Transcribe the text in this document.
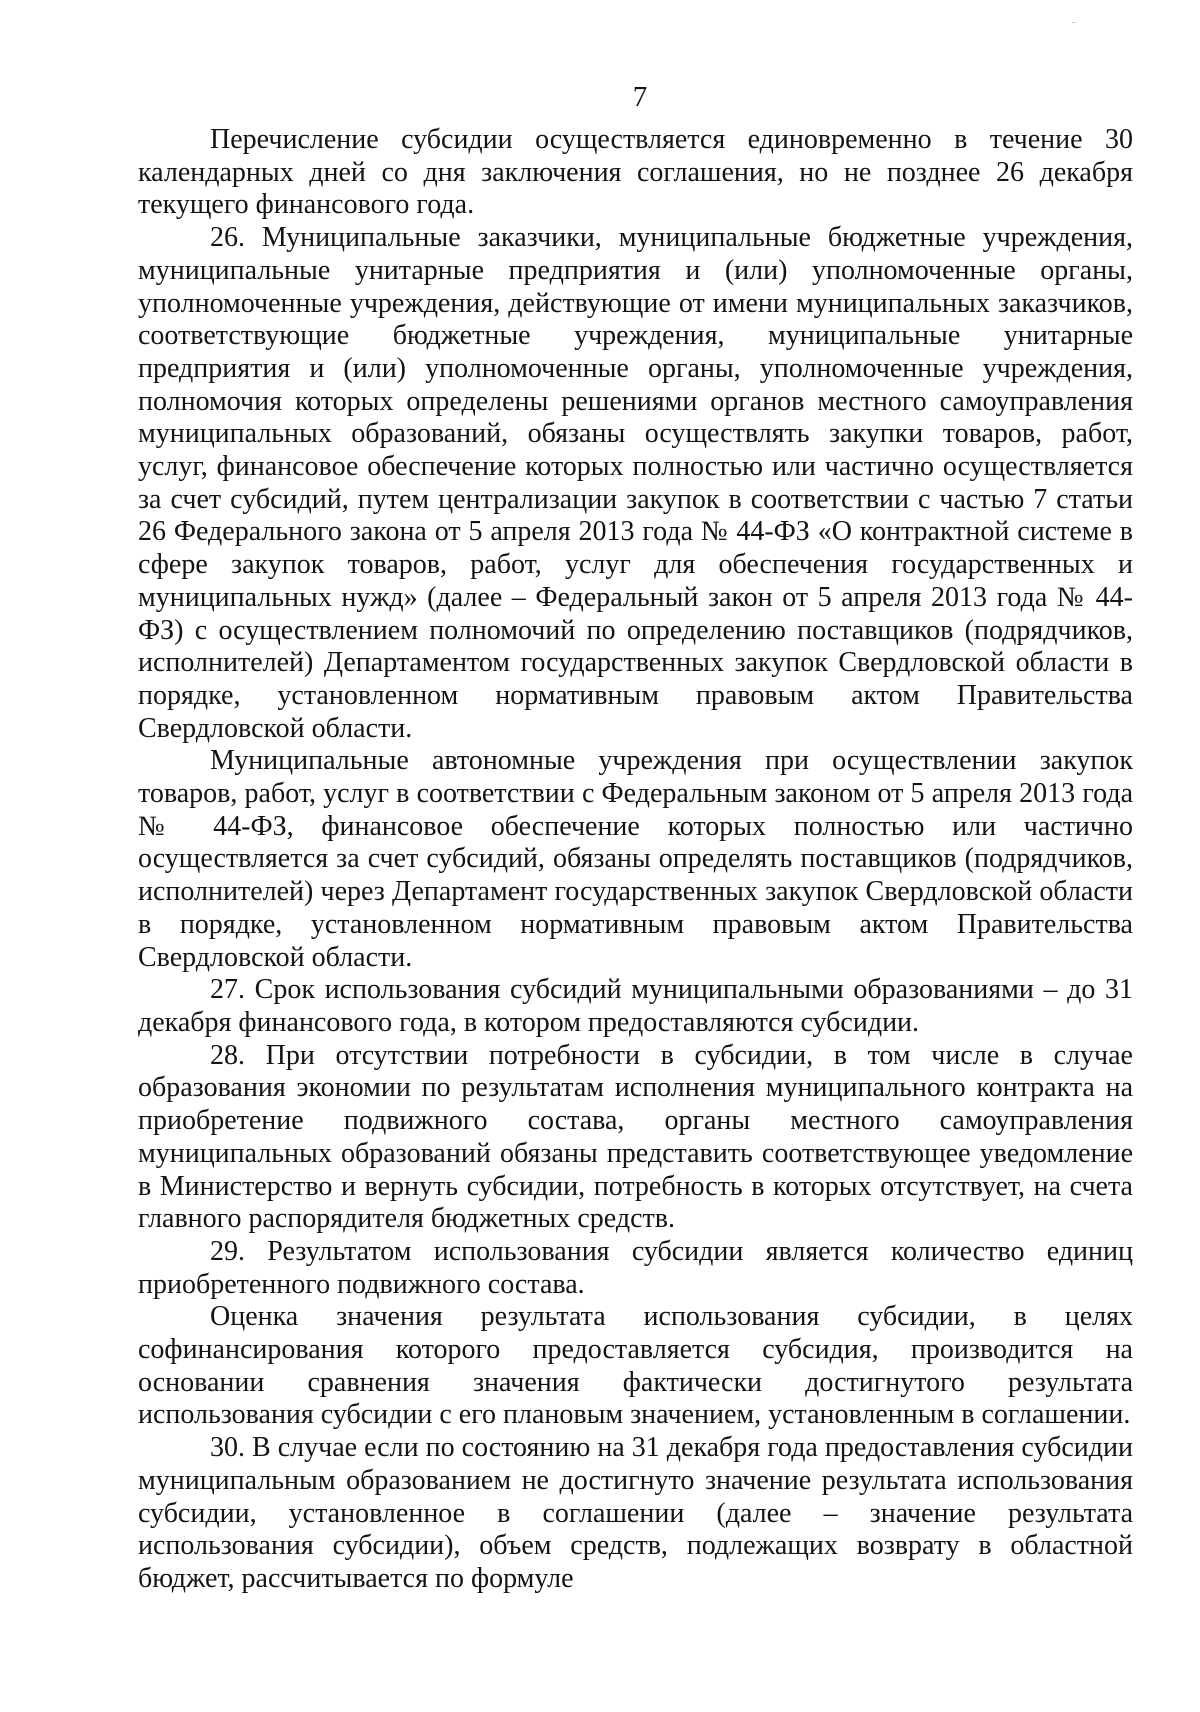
7

Перечисление субсидии осуществляется единовременно в течение 30 календарных дней со дня заключения соглашения, но не позднее 26 декабря текущего финансового года.

26. Муниципальные заказчики, муниципальные бюджетные учреждения, муниципальные унитарные предприятия и (или) уполномоченные органы, уполномоченные учреждения, действующие от имени муниципальных заказчиков, соответствующие бюджетные учреждения, муниципальные унитарные предприятия и (или) уполномоченные органы, уполномоченные учреждения, полномочия которых определены решениями органов местного самоуправления муниципальных образований, обязаны осуществлять закупки товаров, работ, услуг, финансовое обеспечение которых полностью или частично осуществляется за счет субсидий, путем централизации закупок в соответствии с частью 7 статьи 26 Федерального закона от 5 апреля 2013 года № 44-ФЗ «О контрактной системе в сфере закупок товаров, работ, услуг для обеспечения государственных и муниципальных нужд» (далее – Федеральный закон от 5 апреля 2013 года № 44-ФЗ) с осуществлением полномочий по определению поставщиков (подрядчиков, исполнителей) Департаментом государственных закупок Свердловской области в порядке, установленном нормативным правовым актом Правительства Свердловской области.

Муниципальные автономные учреждения при осуществлении закупок товаров, работ, услуг в соответствии с Федеральным законом от 5 апреля 2013 года № 44-ФЗ, финансовое обеспечение которых полностью или частично осуществляется за счет субсидий, обязаны определять поставщиков (подрядчиков, исполнителей) через Департамент государственных закупок Свердловской области в порядке, установленном нормативным правовым актом Правительства Свердловской области.

27. Срок использования субсидий муниципальными образованиями – до 31 декабря финансового года, в котором предоставляются субсидии.

28. При отсутствии потребности в субсидии, в том числе в случае образования экономии по результатам исполнения муниципального контракта на приобретение подвижного состава, органы местного самоуправления муниципальных образований обязаны представить соответствующее уведомление в Министерство и вернуть субсидии, потребность в которых отсутствует, на счета главного распорядителя бюджетных средств.

29. Результатом использования субсидии является количество единиц приобретенного подвижного состава.

Оценка значения результата использования субсидии, в целях софинансирования которого предоставляется субсидия, производится на основании сравнения значения фактически достигнутого результата использования субсидии с его плановым значением, установленным в соглашении.

30. В случае если по состоянию на 31 декабря года предоставления субсидии муниципальным образованием не достигнуто значение результата использования субсидии, установленное в соглашении (далее – значение результата использования субсидии), объем средств, подлежащих возврату в областной бюджет, рассчитывается по формуле
